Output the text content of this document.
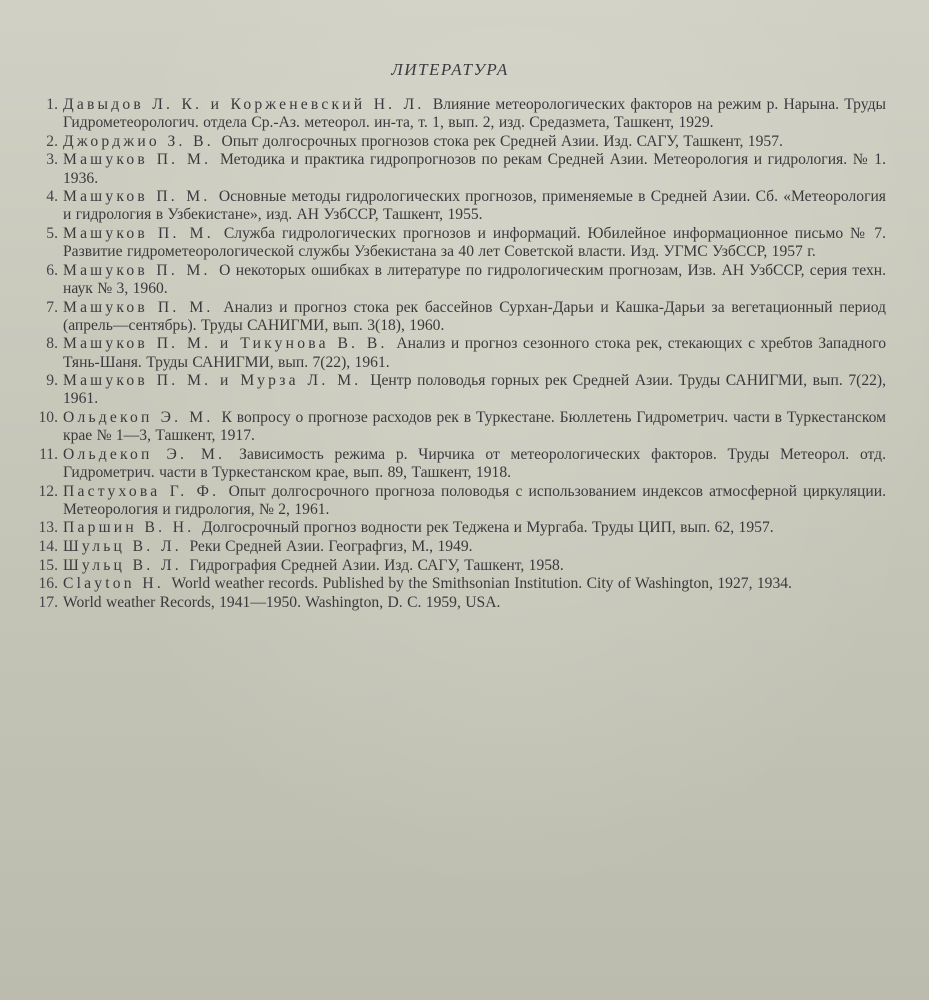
ЛИТЕРАТУРА
1. Давыдов Л. К. и Корженевский Н. Л. Влияние метеорологических факторов на режим р. Нарына. Труды Гидрометеорологич. отдела Ср.-Аз. метеорол. ин-та, т. 1, вып. 2, изд. Средазмета, Ташкент, 1929.
2. Джорджио З. В. Опыт долгосрочных прогнозов стока рек Средней Азии. Изд. САГУ, Ташкент, 1957.
3. Машуков П. М. Методика и практика гидропрогнозов по рекам Средней Азии. Метеорология и гидрология. № 1. 1936.
4. Машуков П. М. Основные методы гидрологических прогнозов, применяемые в Средней Азии. Сб. «Метеорология и гидрология в Узбекистане», изд. АН УзбССР, Ташкент, 1955.
5. Машуков П. М. Служба гидрологических прогнозов и информаций. Юбилейное информационное письмо № 7. Развитие гидрометеорологической службы Узбекистана за 40 лет Советской власти. Изд. УГМС УзбССР, 1957 г.
6. Машуков П. М. О некоторых ошибках в литературе по гидрологическим прогнозам, Изв. АН УзбССР, серия техн. наук № 3, 1960.
7. Машуков П. М. Анализ и прогноз стока рек бассейнов Сурхан-Дарьи и Кашка-Дарьи за вегетационный период (апрель—сентябрь). Труды САНИГМИ, вып. 3(18), 1960.
8. Машуков П. М. и Тикунова В. В. Анализ и прогноз сезонного стока рек, стекающих с хребтов Западного Тянь-Шаня. Труды САНИГМИ, вып. 7(22), 1961.
9. Машуков П. М. и Мурза Л. М. Центр половодья горных рек Средней Азии. Труды САНИГМИ, вып. 7(22), 1961.
10. Ольдекоп Э. М. К вопросу о прогнозе расходов рек в Туркестане. Бюллетень Гидрометрич. части в Туркестанском крае № 1—3, Ташкент, 1917.
11. Ольдекоп Э. М. Зависимость режима р. Чирчика от метеорологических факторов. Труды Метеорол. отд. Гидрометрич. части в Туркестанском крае, вып. 89, Ташкент, 1918.
12. Пастухова Г. Ф. Опыт долгосрочного прогноза половодья с использованием индексов атмосферной циркуляции. Метеорология и гидрология, № 2, 1961.
13. Паршин В. Н. Долгосрочный прогноз водности рек Теджена и Мургаба. Труды ЦИП, вып. 62, 1957.
14. Шульц В. Л. Реки Средней Азии. Географгиз, М., 1949.
15. Шульц В. Л. Гидрография Средней Азии. Изд. САГУ, Ташкент, 1958.
16. Clayton H. World weather records. Published by the Smithsonian Institution. City of Washington, 1927, 1934.
17. World weather Records, 1941—1950. Washington, D. C. 1959, USA.
